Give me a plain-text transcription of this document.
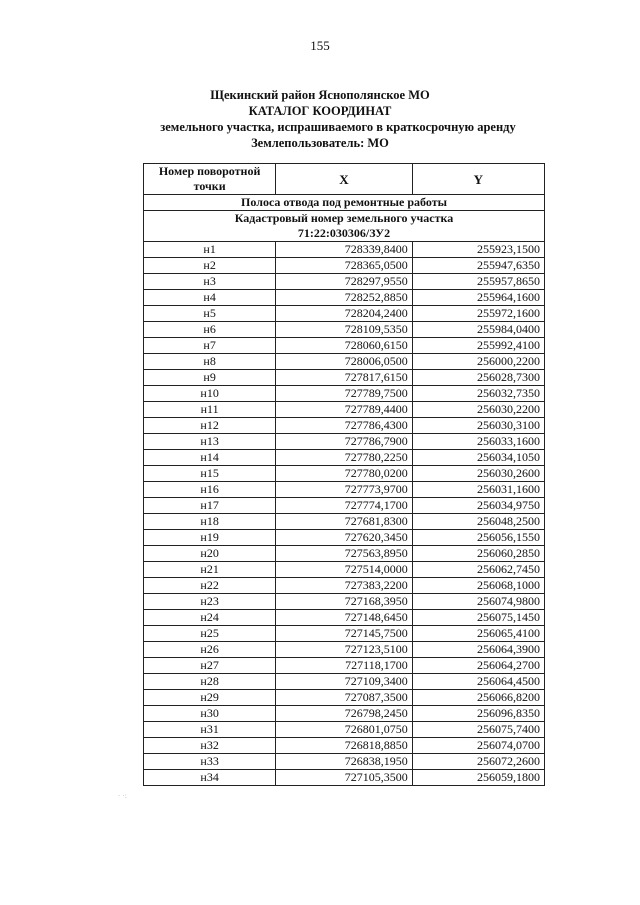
155
Щекинский район Яснополянское МО
КАТАЛОГ КООРДИНАТ
земельного участка, испрашиваемого в краткосрочную аренду
Землепользователь: МО
Номер поворотной точки	X	Y
Полоса отвода под ремонтные работы		
Кадастровый номер земельного участка
71:22:030306/ЗУ2		
н1	728339,8400	255923,1500
н2	728365,0500	255947,6350
н3	728297,9550	255957,8650
н4	728252,8850	255964,1600
н5	728204,2400	255972,1600
н6	728109,5350	255984,0400
н7	728060,6150	255992,4100
н8	728006,0500	256000,2200
н9	727817,6150	256028,7300
н10	727789,7500	256032,7350
н11	727789,4400	256030,2200
н12	727786,4300	256030,3100
н13	727786,7900	256033,1600
н14	727780,2250	256034,1050
н15	727780,0200	256030,2600
н16	727773,9700	256031,1600
н17	727774,1700	256034,9750
н18	727681,8300	256048,2500
н19	727620,3450	256056,1550
н20	727563,8950	256060,2850
н21	727514,0000	256062,7450
н22	727383,2200	256068,1000
н23	727168,3950	256074,9800
н24	727148,6450	256075,1450
н25	727145,7500	256065,4100
н26	727123,5100	256064,3900
н27	727118,1700	256064,2700
н28	727109,3400	256064,4500
н29	727087,3500	256066,8200
н30	726798,2450	256096,8350
н31	726801,0750	256075,7400
н32	726818,8850	256074,0700
н33	726838,1950	256072,2600
н34	727105,3500	256059,1800
· ·:
